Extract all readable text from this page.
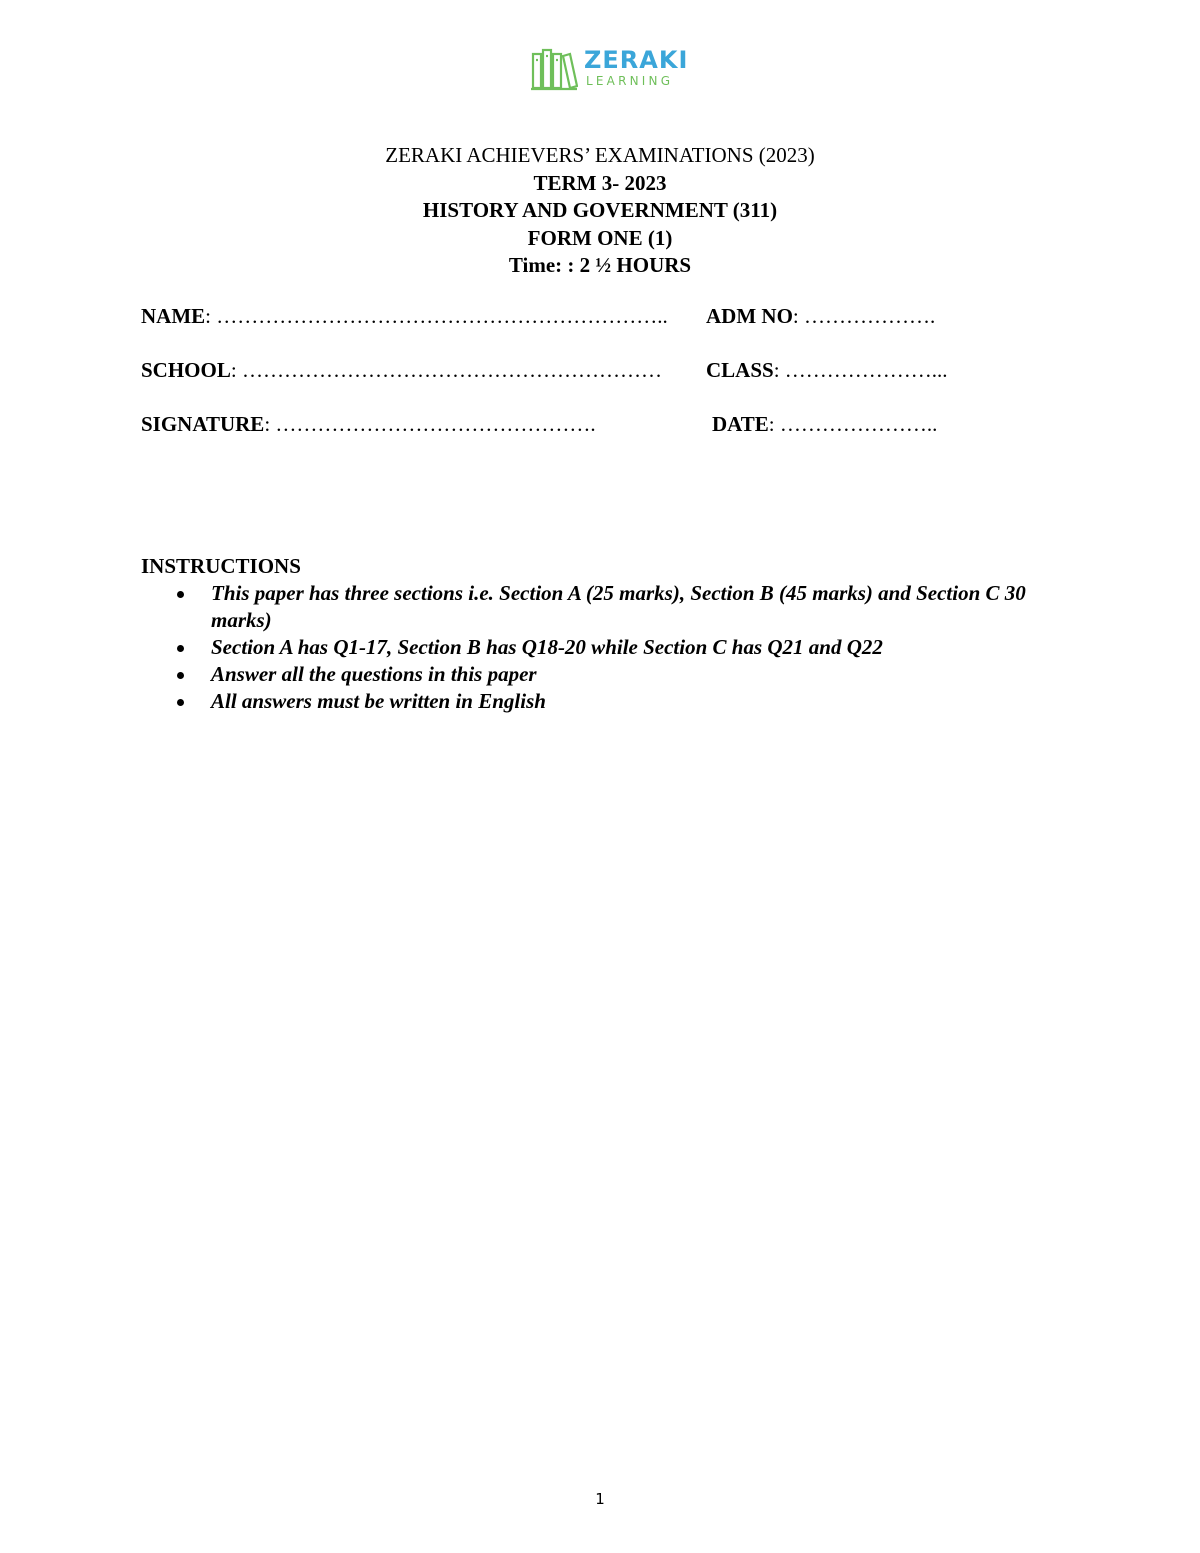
ZERAKI
LEARNING
ZERAKI ACHIEVERS’ EXAMINATIONS (2023)
TERM 3- 2023
HISTORY AND GOVERNMENT (311)
FORM ONE (1)
Time: : 2 ½ HOURS
NAME: ……………………………………………………….. ADM NO: ……………….
SCHOOL: …………………………………………………… CLASS: …………………...
SIGNATURE: ……………………………………….	DATE: …………………..
INSTRUCTIONS
This paper has three sections i.e. Section A (25 marks), Section B (45 marks) and Section C 30 marks)
Section A has Q1-17, Section B has Q18-20 while Section C has Q21 and Q22
Answer all the questions in this paper
All answers must be written in English
1
